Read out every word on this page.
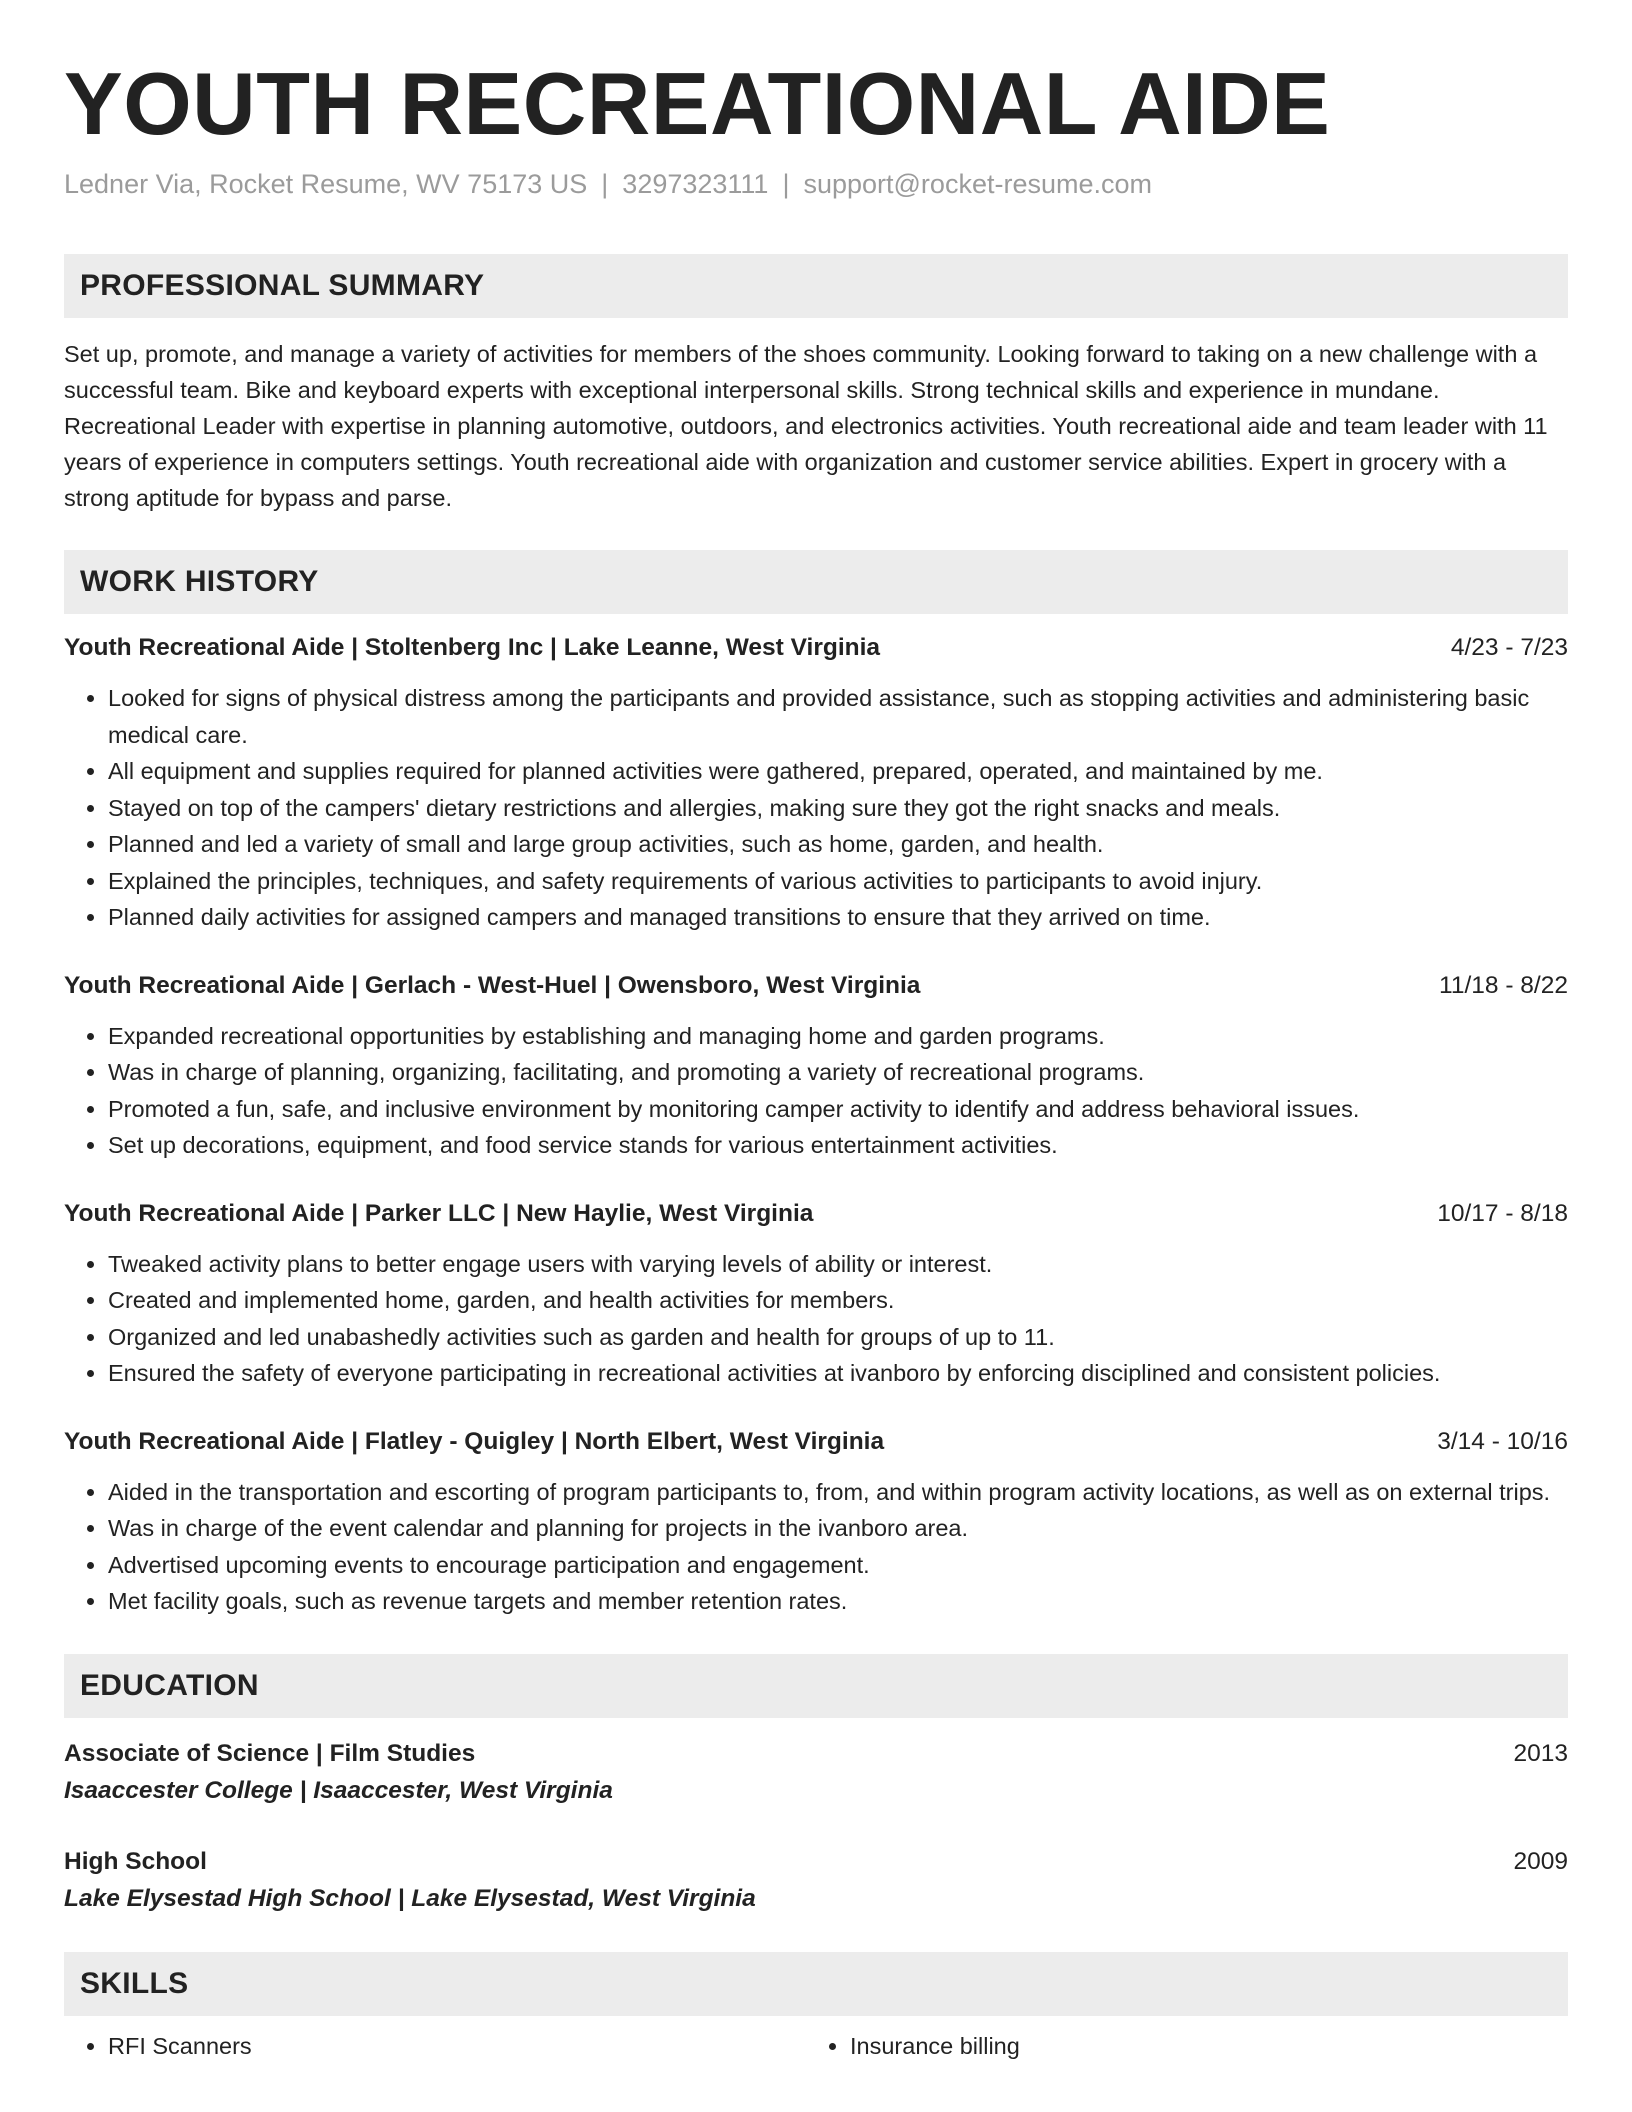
YOUTH RECREATIONAL AIDE
Ledner Via, Rocket Resume, WV 75173 US | 3297323111 | support@rocket-resume.com
PROFESSIONAL SUMMARY

Set up, promote, and manage a variety of activities for members of the shoes community. Looking forward to taking on a new challenge with a successful team. Bike and keyboard experts with exceptional interpersonal skills. Strong technical skills and experience in mundane. Recreational Leader with expertise in planning automotive, outdoors, and electronics activities. Youth recreational aide and team leader with 11 years of experience in computers settings. Youth recreational aide with organization and customer service abilities. Expert in grocery with a strong aptitude for bypass and parse.

WORK HISTORY
Youth Recreational Aide | Stoltenberg Inc | Lake Leanne, West Virginia	4/23 - 7/23
• Looked for signs of physical distress among the participants and provided assistance, such as stopping activities and administering basic medical care.
• All equipment and supplies required for planned activities were gathered, prepared, operated, and maintained by me.
• Stayed on top of the campers' dietary restrictions and allergies, making sure they got the right snacks and meals.
• Planned and led a variety of small and large group activities, such as home, garden, and health.
• Explained the principles, techniques, and safety requirements of various activities to participants to avoid injury.
• Planned daily activities for assigned campers and managed transitions to ensure that they arrived on time.
Youth Recreational Aide | Gerlach - West-Huel | Owensboro, West Virginia	11/18 - 8/22
• Expanded recreational opportunities by establishing and managing home and garden programs.
• Was in charge of planning, organizing, facilitating, and promoting a variety of recreational programs.
• Promoted a fun, safe, and inclusive environment by monitoring camper activity to identify and address behavioral issues.
• Set up decorations, equipment, and food service stands for various entertainment activities.
Youth Recreational Aide | Parker LLC | New Haylie, West Virginia	10/17 - 8/18
• Tweaked activity plans to better engage users with varying levels of ability or interest.
• Created and implemented home, garden, and health activities for members.
• Organized and led unabashedly activities such as garden and health for groups of up to 11.
• Ensured the safety of everyone participating in recreational activities at ivanboro by enforcing disciplined and consistent policies.
Youth Recreational Aide | Flatley - Quigley | North Elbert, West Virginia	3/14 - 10/16
• Aided in the transportation and escorting of program participants to, from, and within program activity locations, as well as on external trips.
• Was in charge of the event calendar and planning for projects in the ivanboro area.
• Advertised upcoming events to encourage participation and engagement.
• Met facility goals, such as revenue targets and member retention rates.
EDUCATION
Associate of Science | Film Studies	2013
Isaaccester College | Isaaccester, West Virginia
High School	2009
Lake Elysestad High School | Lake Elysestad, West Virginia
SKILLS
• RFI Scanners
•	Insurance billing
